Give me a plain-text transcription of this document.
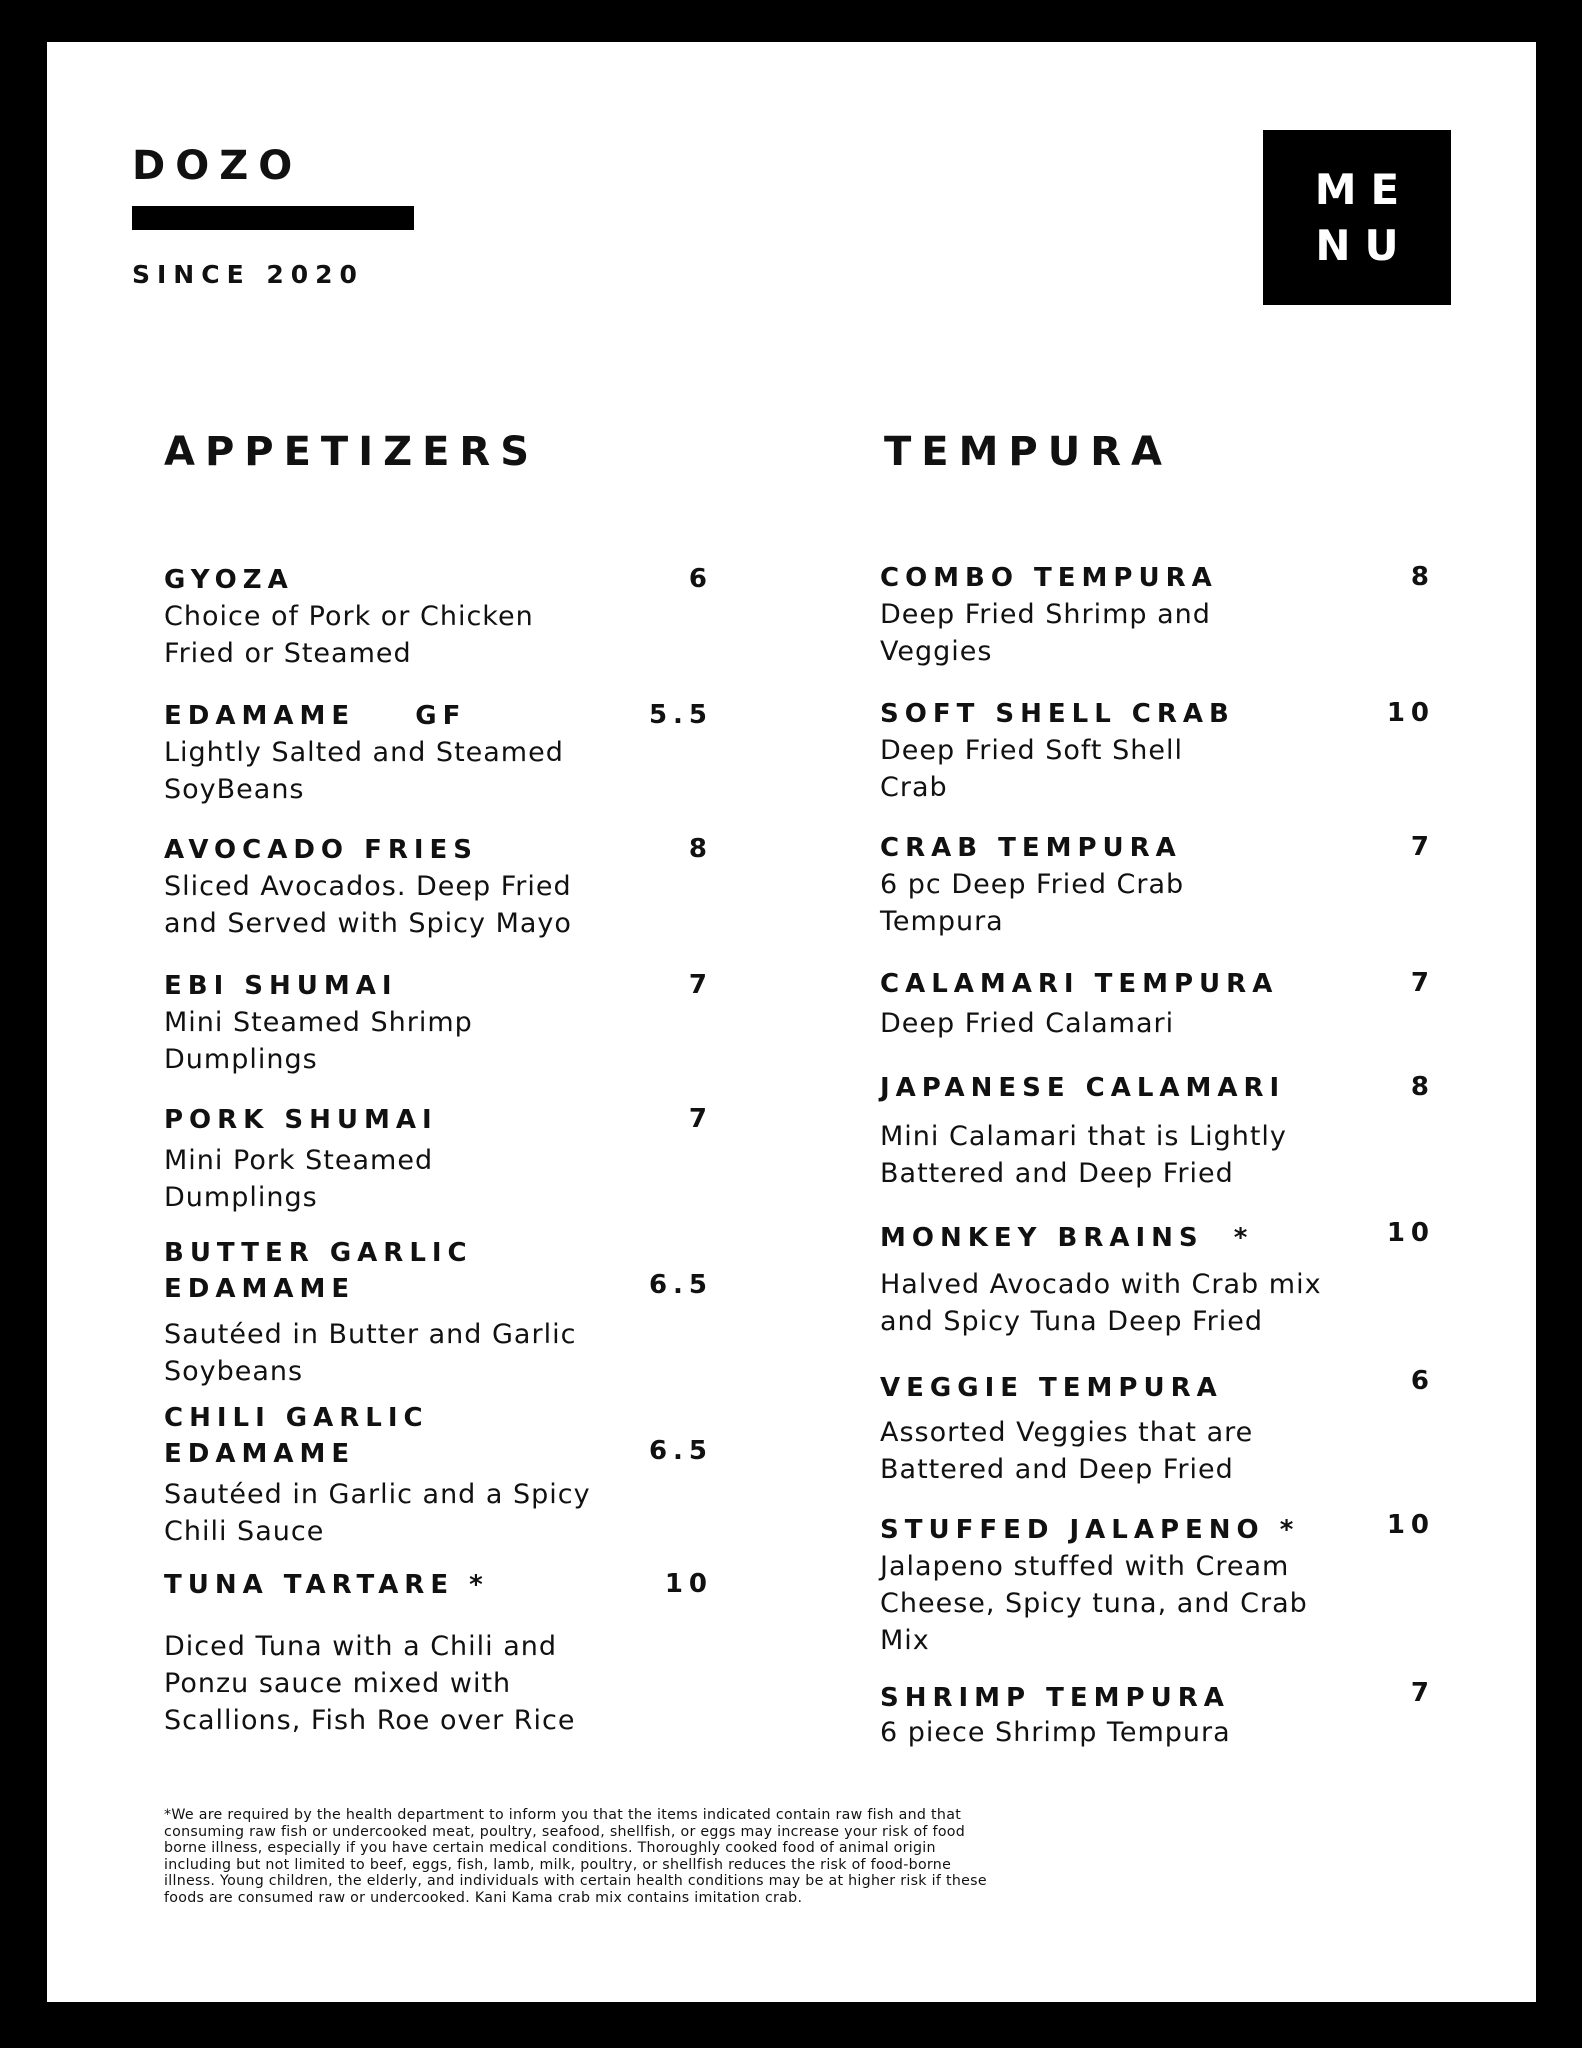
DOZO
SINCE 2020
ME
NU
APPETIZERS	TEMPURA
GYOZA
Choice of Pork or Chicken
Fried or Steamed
6
EDAMAME    GF
Lightly Salted and Steamed
SoyBeans
5.5
AVOCADO FRIES
Sliced Avocados. Deep Fried
and Served with Spicy Mayo
8
EBI SHUMAI
Mini Steamed Shrimp
Dumplings
7
PORK SHUMAI
Mini Pork Steamed
Dumplings
7
BUTTER GARLIC
EDAMAME
Sautéed in Butter and Garlic
Soybeans
6.5
CHILI GARLIC
EDAMAME
Sautéed in Garlic and a Spicy
Chili Sauce
6.5
TUNA TARTARE *
Diced Tuna with a Chili and
Ponzu sauce mixed with
Scallions, Fish Roe over Rice
10
COMBO TEMPURA
Deep Fried Shrimp and
Veggies
8
SOFT SHELL CRAB
Deep Fried Soft Shell
Crab
10
CRAB TEMPURA
6 pc Deep Fried Crab
Tempura
7
CALAMARI TEMPURA
Deep Fried Calamari
7
JAPANESE CALAMARI
Mini Calamari that is Lightly
Battered and Deep Fried
8
MONKEY BRAINS  *
Halved Avocado with Crab mix
and Spicy Tuna Deep Fried
10
VEGGIE TEMPURA
Assorted Veggies that are
Battered and Deep Fried
6
STUFFED JALAPENO *
Jalapeno stuffed with Cream
Cheese, Spicy tuna, and Crab
Mix
10
SHRIMP TEMPURA
6 piece Shrimp Tempura
7
*We are required by the health department to inform you that the items indicated contain raw fish and that
consuming raw fish or undercooked meat, poultry, seafood, shellfish, or eggs may increase your risk of food
borne illness, especially if you have certain medical conditions. Thoroughly cooked food of animal origin
including but not limited to beef, eggs, fish, lamb, milk, poultry, or shellfish reduces the risk of food-borne
illness. Young children, the elderly, and individuals with certain health conditions may be at higher risk if these
foods are consumed raw or undercooked. Kani Kama crab mix contains imitation crab.
